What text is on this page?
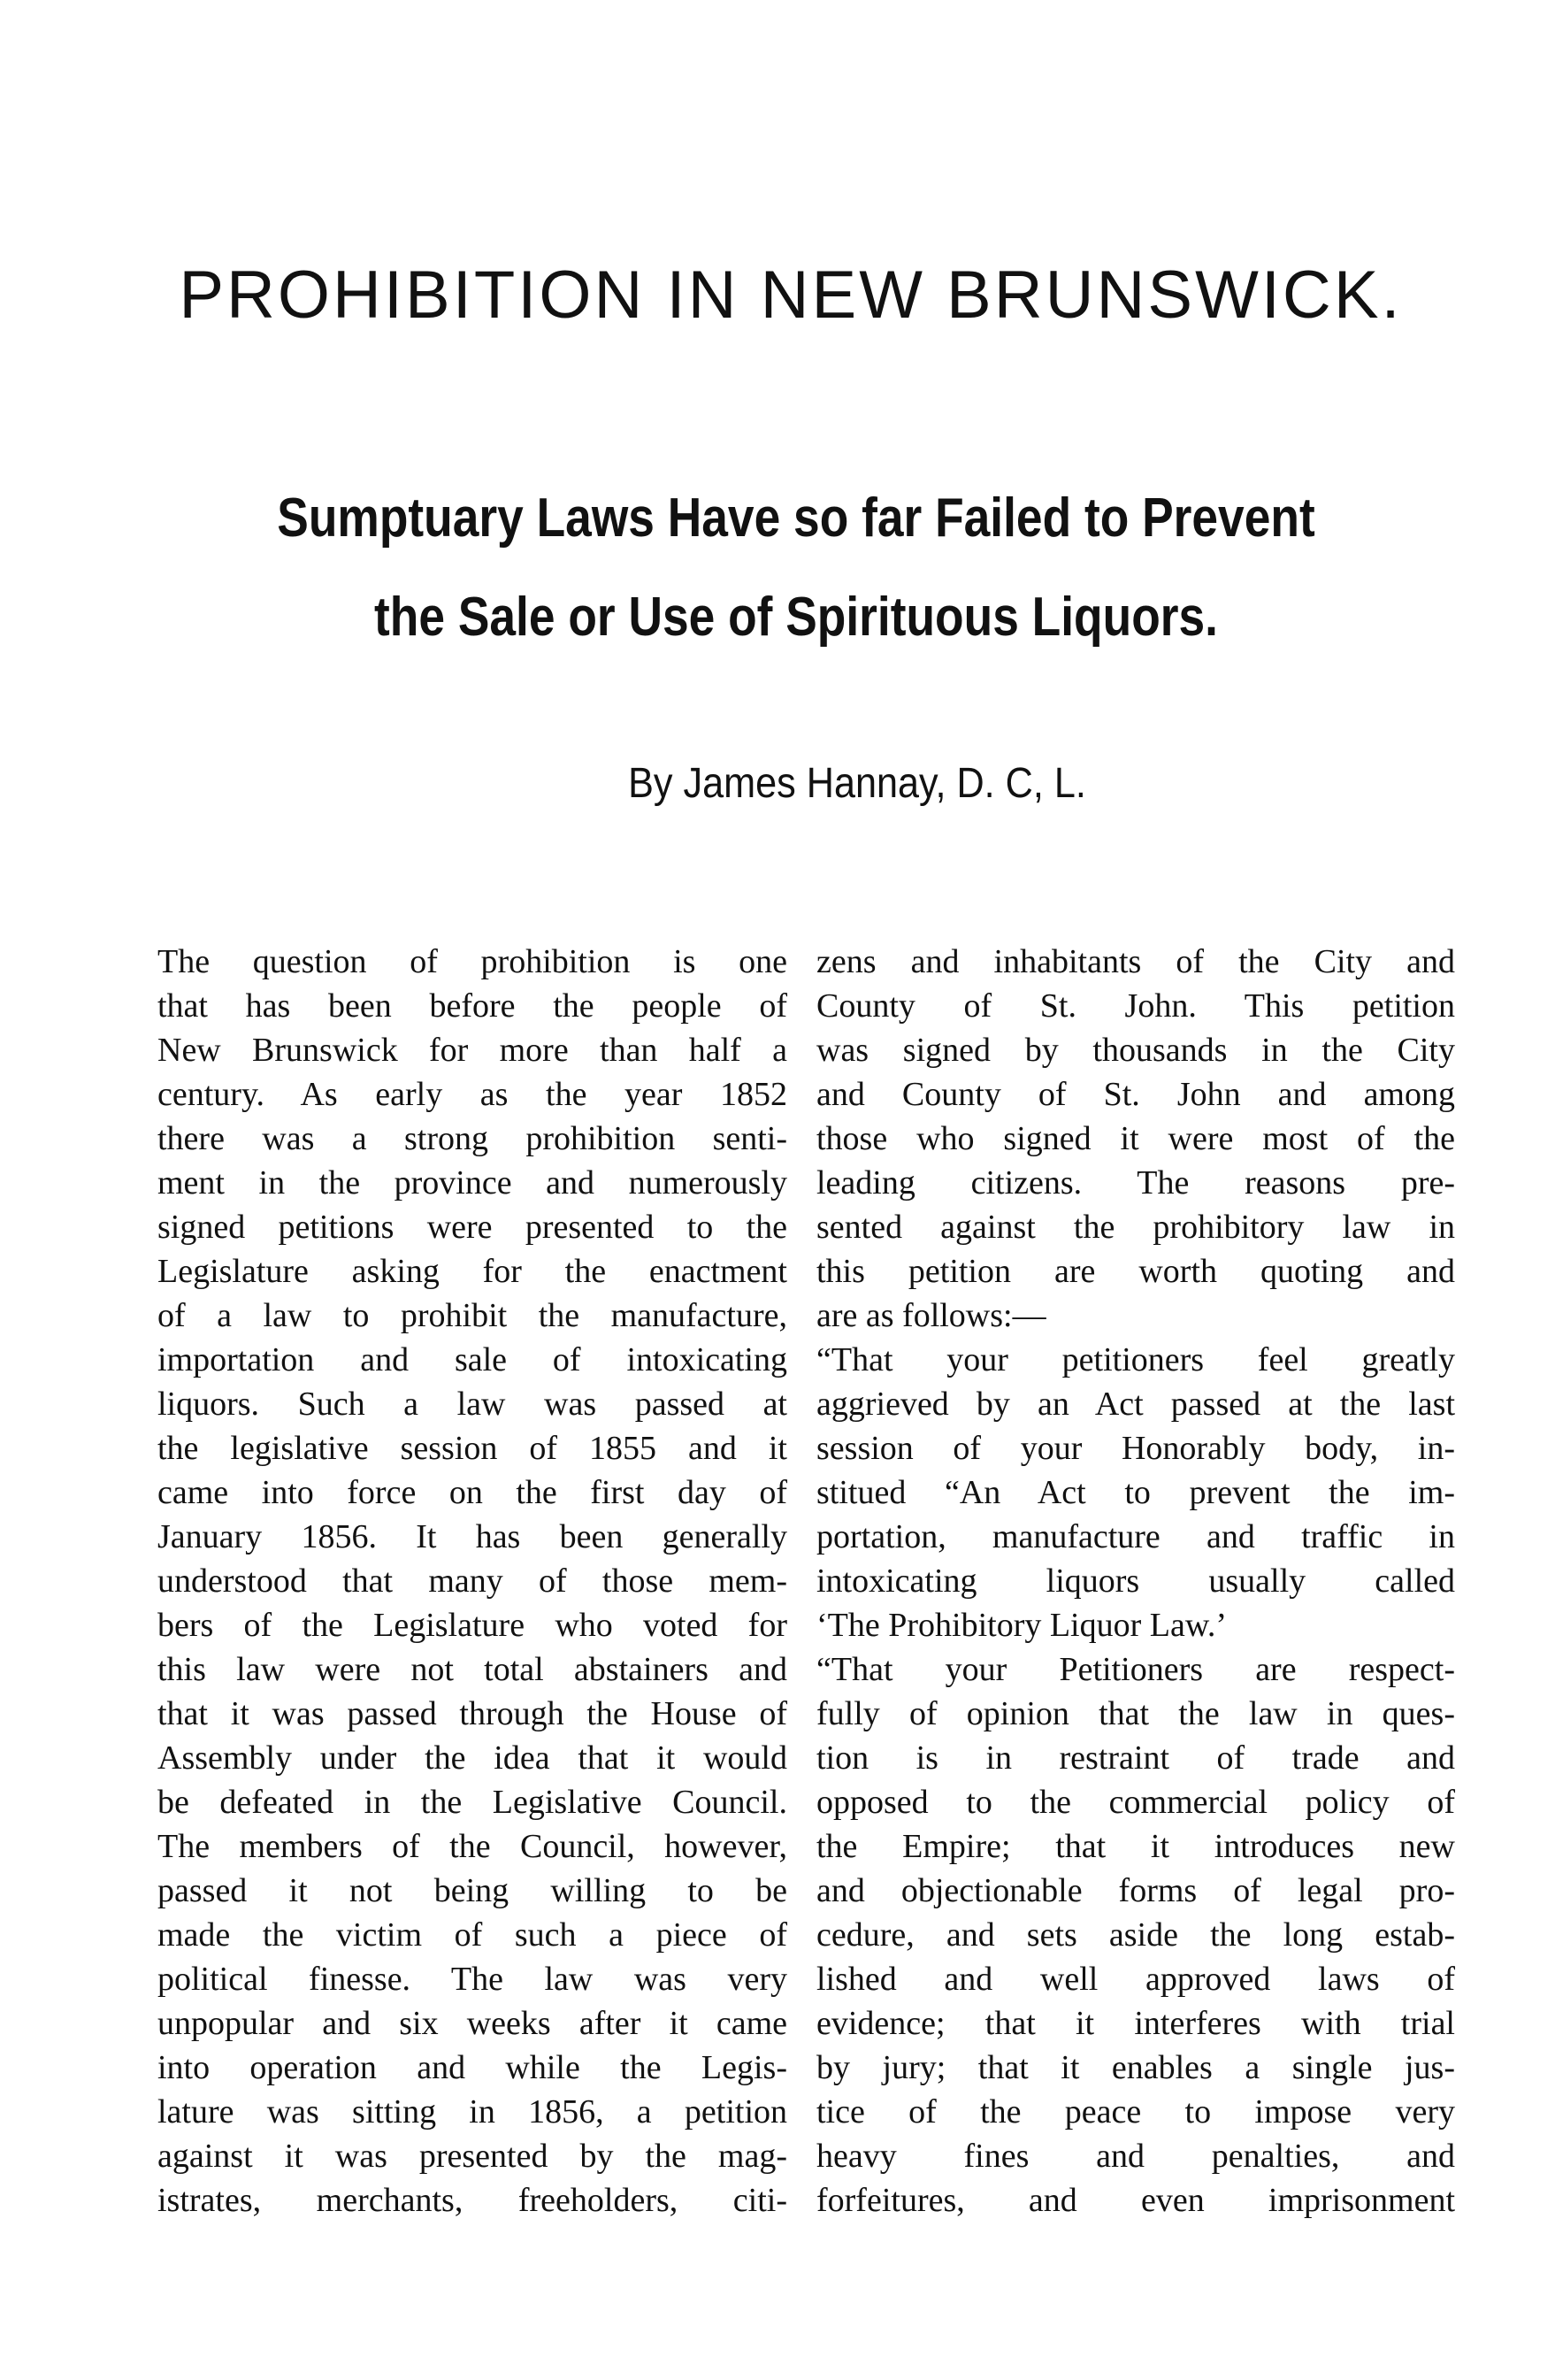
PROHIBITION IN NEW BRUNSWICK.
Sumptuary Laws Have so far Failed to Prevent
the Sale or Use of Spirituous Liquors.

By James Hannay, D. C, L.

The question of prohibition is one
that has been before the people of
New Brunswick for more than half a
century. As early as the year 1852
there was a strong prohibition senti-
ment in the province and numerously
signed petitions were presented to the
Legislature asking for the enactment
of a law to prohibit the manufacture,
importation and sale of intoxicating
liquors. Such a law was passed at
the legislative session of 1855 and it
came into force on the first day of
January 1856. It has been generally
understood that many of those mem-
bers of the Legislature who voted for
this law were not total abstainers and
that it was passed through the House of
Assembly under the idea that it would
be defeated in the Legislative Council.
The members of the Council, however,
passed it not being willing to be
made the victim of such a piece of
political finesse. The law was very
unpopular and six weeks after it came
into operation and while the Legis-
lature was sitting in 1856, a petition
against it was presented by the mag-
istrates, merchants, freeholders, citi-
zens and inhabitants of the City and
County of St. John. This petition
was signed by thousands in the City
and County of St. John and among
those who signed it were most of the
leading citizens. The reasons pre-
sented against the prohibitory law in
this petition are worth quoting and
are as follows:—
“That your petitioners feel greatly
aggrieved by an Act passed at the last
session of your Honorably body, in-
stitued “An Act to prevent the im-
portation, manufacture and traffic in
intoxicating liquors usually called
‘The Prohibitory Liquor Law.’
“That your Petitioners are respect-
fully of opinion that the law in ques-
tion is in restraint of trade and
opposed to the commercial policy of
the Empire; that it introduces new
and objectionable forms of legal pro-
cedure, and sets aside the long estab-
lished and well approved laws of
evidence; that it interferes with trial
by jury; that it enables a single jus-
tice of the peace to impose very
heavy fines and penalties, and
forfeitures, and even imprisonment
